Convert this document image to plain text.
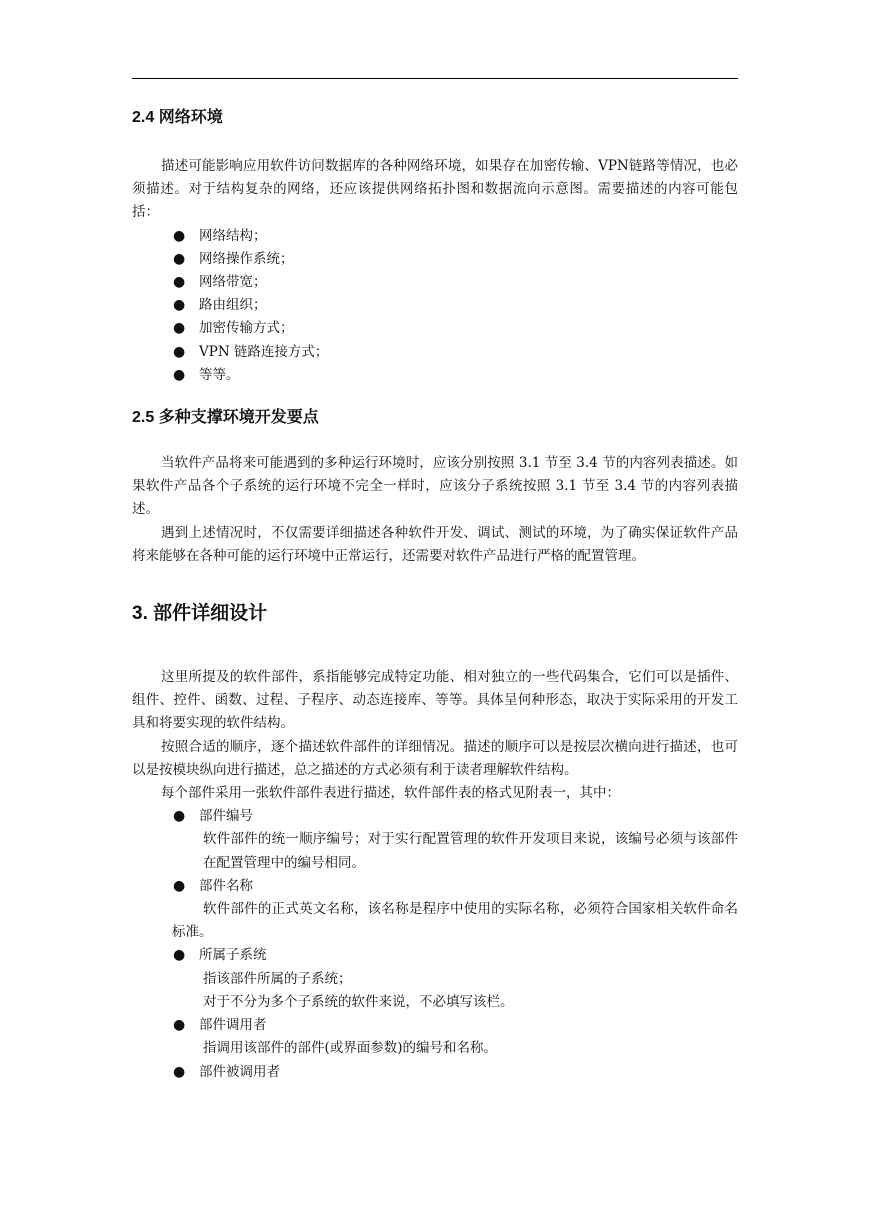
2.4 网络环境

描述可能影响应用软件访问数据库的各种网络环境，如果存在加密传输、VPN链路等情况，也必须描述。对于结构复杂的网络，还应该提供网络拓扑图和数据流向示意图。需要描述的内容可能包括：

● 网络结构；
● 网络操作系统；
● 网络带宽；
● 路由组织；
● 加密传输方式；
● VPN 链路连接方式；
● 等等。
2.5 多种支撑环境开发要点

当软件产品将来可能遇到的多种运行环境时，应该分别按照 3.1 节至 3.4 节的内容列表描述。如果软件产品各个子系统的运行环境不完全一样时，应该分子系统按照 3.1 节至 3.4 节的内容列表描述。

遇到上述情况时，不仅需要详细描述各种软件开发、调试、测试的环境，为了确实保证软件产品将来能够在各种可能的运行环境中正常运行，还需要对软件产品进行严格的配置管理。

3. 部件详细设计

这里所提及的软件部件，系指能够完成特定功能、相对独立的一些代码集合，它们可以是插件、组件、控件、函数、过程、子程序、动态连接库、等等。具体呈何种形态，取决于实际采用的开发工具和将要实现的软件结构。

按照合适的顺序，逐个描述软件部件的详细情况。描述的顺序可以是按层次横向进行描述，也可以是按模块纵向进行描述，总之描述的方式必须有利于读者理解软件结构。

每个部件采用一张软件部件表进行描述，软件部件表的格式见附表一，其中：

● 部件编号
软件部件的统一顺序编号；对于实行配置管理的软件开发项目来说，该编号必须与该部件在配置管理中的编号相同。
● 部件名称
软件部件的正式英文名称，该名称是程序中使用的实际名称，必须符合国家相关软件命名标准。
● 所属子系统
指该部件所属的子系统；
对于不分为多个子系统的软件来说，不必填写该栏。
● 部件调用者
指调用该部件的部件(或界面参数)的编号和名称。
● 部件被调用者
